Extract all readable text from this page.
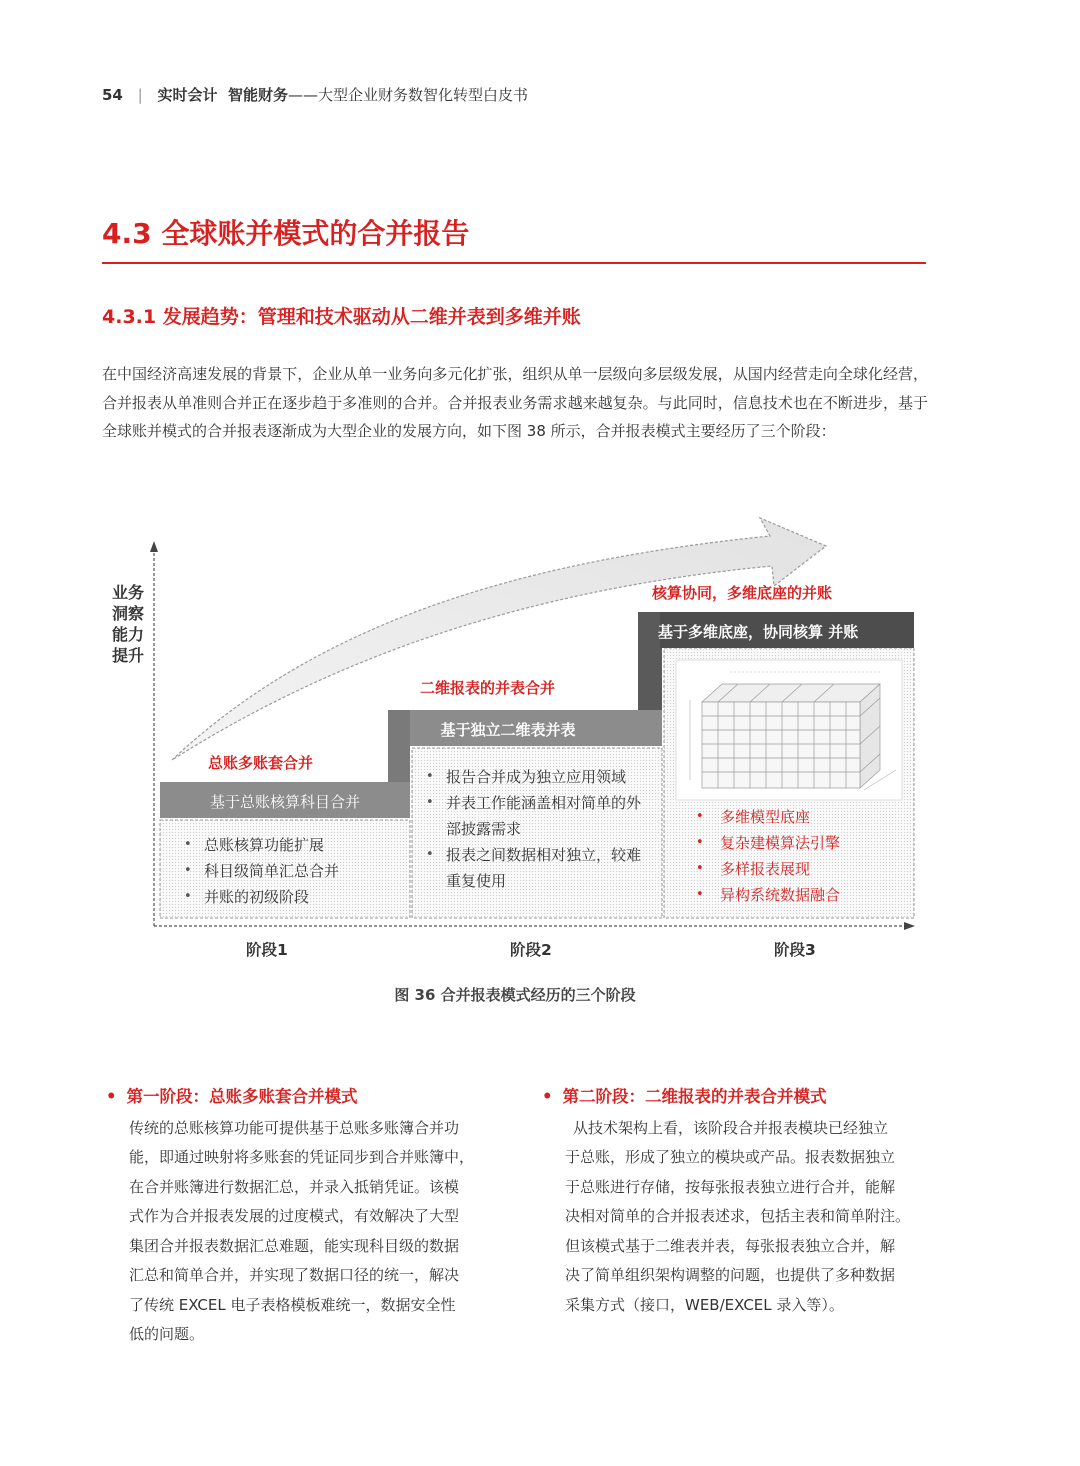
54 | 实时会计  智能财务——大型企业财务数智化转型白皮书
4.3 全球账并模式的合并报告
4.3.1 发展趋势：管理和技术驱动从二维并表到多维并账
在中国经济高速发展的背景下，企业从单一业务向多元化扩张，组织从单一层级向多层级发展，从国内经营走向全球化经营，合并报表从单准则合并正在逐步趋于多准则的合并。合并报表业务需求越来越复杂。与此同时，信息技术也在不断进步，基于全球账并模式的合并报表逐渐成为大型企业的发展方向，如下图 38 所示，合并报表模式主要经历了三个阶段：
业务洞察能力提升
总账多账套合并
基于总账核算科目合并
• 总账核算功能扩展
• 科目级简单汇总合并
• 并账的初级阶段
阶段1
二维报表的并表合并
基于独立二维表并表
• 报告合并成为独立应用领域
• 并表工作能涵盖相对简单的外部披露需求
• 报表之间数据相对独立，较难重复使用
阶段2
核算协同，多维底座的并账
基于多维底座，协同核算 并账
• 多维模型底座
• 复杂建模算法引擎
• 多样报表展现
• 异构系统数据融合
阶段3
图 36 合并报表模式经历的三个阶段
• 第一阶段：总账多账套合并模式

传统的总账核算功能可提供基于总账多账簿合并功

能，即通过映射将多账套的凭证同步到合并账簿中，

在合并账簿进行数据汇总，并录入抵销凭证。该模

式作为合并报表发展的过度模式，有效解决了大型

集团合并报表数据汇总难题，能实现科目级的数据

汇总和简单合并，并实现了数据口径的统一，解决

了传统 EXCEL 电子表格模板难统一，数据安全性

低的问题。

• 第二阶段：二维报表的并表合并模式

从技术架构上看，该阶段合并报表模块已经独立

于总账，形成了独立的模块或产品。报表数据独立

于总账进行存储，按每张报表独立进行合并，能解

决相对简单的合并报表述求，包括主表和简单附注。

但该模式基于二维表并表，每张报表独立合并，解

决了简单组织架构调整的问题，也提供了多种数据

采集方式（接口，WEB/EXCEL 录入等）。
